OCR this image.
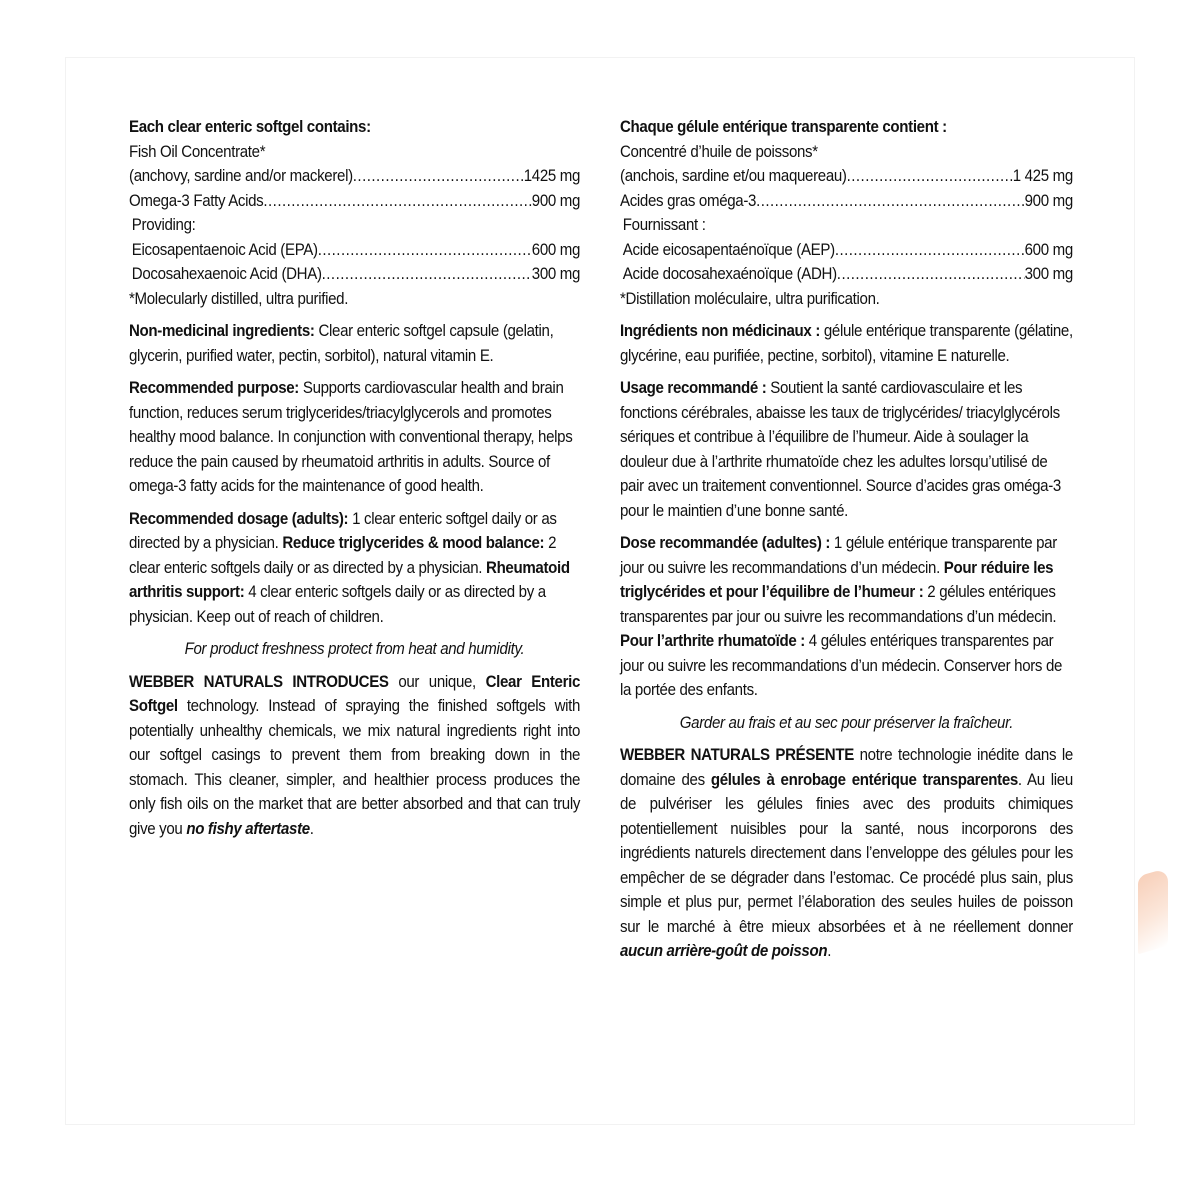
Each clear enteric softgel contains:
Fish Oil Concentrate*
(anchovy, sardine and/or mackerel) .....	1425 mg
Omega-3 Fatty Acids .....	900 mg
Providing:
Eicosapentaenoic Acid (EPA) .....	600 mg
Docosahexaenoic Acid (DHA) .....	300 mg
*Molecularly distilled, ultra purified.

Non-medicinal ingredients: Clear enteric softgel capsule (gelatin, glycerin, purified water, pectin, sorbitol), natural vitamin E.

Recommended purpose: Supports cardiovascular health and brain function, reduces serum triglycerides/triacylglycerols and promotes healthy mood balance. In conjunction with conventional therapy, helps reduce the pain caused by rheumatoid arthritis in adults. Source of omega-3 fatty acids for the maintenance of good health.

Recommended dosage (adults): 1 clear enteric softgel daily or as directed by a physician. Reduce triglycerides & mood balance: 2 clear enteric softgels daily or as directed by a physician. Rheumatoid arthritis support: 4 clear enteric softgels daily or as directed by a physician. Keep out of reach of children.

For product freshness protect from heat and humidity.

WEBBER NATURALS INTRODUCES our unique, Clear Enteric Softgel technology. Instead of spraying the finished softgels with potentially unhealthy chemicals, we mix natural ingredients right into our softgel casings to prevent them from breaking down in the stomach. This cleaner, simpler, and healthier process produces the only fish oils on the market that are better absorbed and that can truly give you no fishy aftertaste.

Chaque gélule entérique transparente contient :
Concentré d’huile de poissons*
(anchois, sardine et/ou maquereau) .....	1 425 mg
Acides gras oméga-3 .....	900 mg
Fournissant :
Acide eicosapentaénoïque (AEP) .....	600 mg
Acide docosahexaénoïque (ADH) .....	300 mg
*Distillation moléculaire, ultra purification.

Ingrédients non médicinaux : gélule entérique transparente (gélatine, glycérine, eau purifiée, pectine, sorbitol), vitamine E naturelle.

Usage recommandé : Soutient la santé cardiovasculaire et les fonctions cérébrales, abaisse les taux de triglycérides/ triacylglycérols sériques et contribue à l’équilibre de l’humeur. Aide à soulager la douleur due à l’arthrite rhumatoïde chez les adultes lorsqu’utilisé de pair avec un traitement conventionnel. Source d’acides gras oméga-3 pour le maintien d’une bonne santé.

Dose recommandée (adultes) : 1 gélule entérique transparente par jour ou suivre les recommandations d’un médecin. Pour réduire les triglycérides et pour l’équilibre de l’humeur : 2 gélules entériques transparentes par jour ou suivre les recommandations d’un médecin. Pour l’arthrite rhumatoïde : 4 gélules entériques transparentes par jour ou suivre les recommandations d’un médecin. Conserver hors de la portée des enfants.

Garder au frais et au sec pour préserver la fraîcheur.

WEBBER NATURALS PRÉSENTE notre technologie inédite dans le domaine des gélules à enrobage entérique transparentes. Au lieu de pulvériser les gélules finies avec des produits chimiques potentiellement nuisibles pour la santé, nous incorporons des ingrédients naturels directement dans l’enveloppe des gélules pour les empêcher de se dégrader dans l’estomac. Ce procédé plus sain, plus simple et plus pur, permet l’élaboration des seules huiles de poisson sur le marché à être mieux absorbées et à ne réellement donner aucun arrière-goût de poisson.
